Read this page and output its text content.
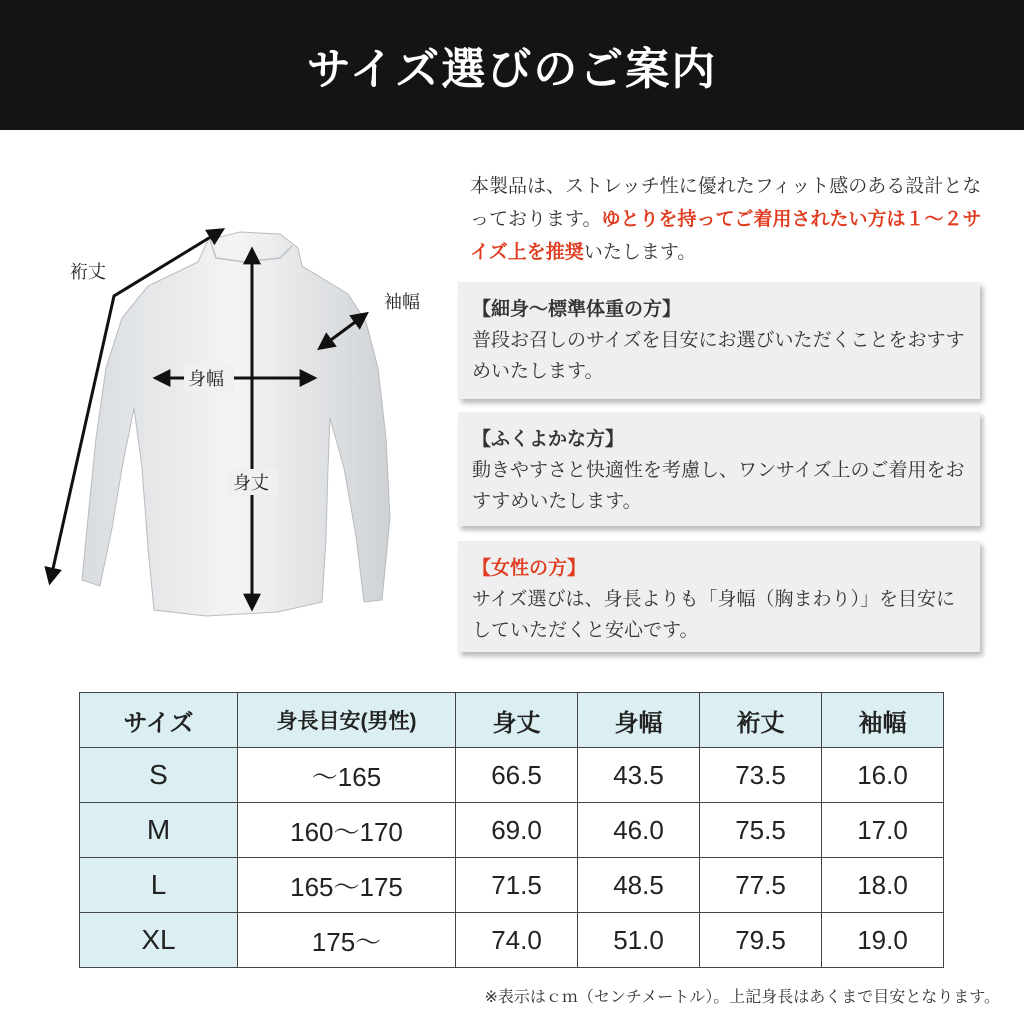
サイズ選びのご案内
本製品は、ストレッチ性に優れたフィット感のある設計となっております。ゆとりを持ってご着用されたい方は１～２サイズ上を推奨いたします。
【細身～標準体重の方】
普段お召しのサイズを目安にお選びいただくことをおすすめいたします。
【ふくよかな方】
動きやすさと快適性を考慮し、ワンサイズ上のご着用をおすすめいたします。
【女性の方】
サイズ選びは、身長よりも「身幅（胸まわり）」を目安にしていただくと安心です。
裄丈
袖幅
身幅
身丈
サイズ	身長目安(男性)	身丈	身幅	裄丈	袖幅
S	～165	66.5	43.5	73.5	16.0
M	160～170	69.0	46.0	75.5	17.0
L	165～175	71.5	48.5	77.5	18.0
XL	175～	74.0	51.0	79.5	19.0
※表示はｃｍ（センチメートル）。上記身長はあくまで目安となります。
